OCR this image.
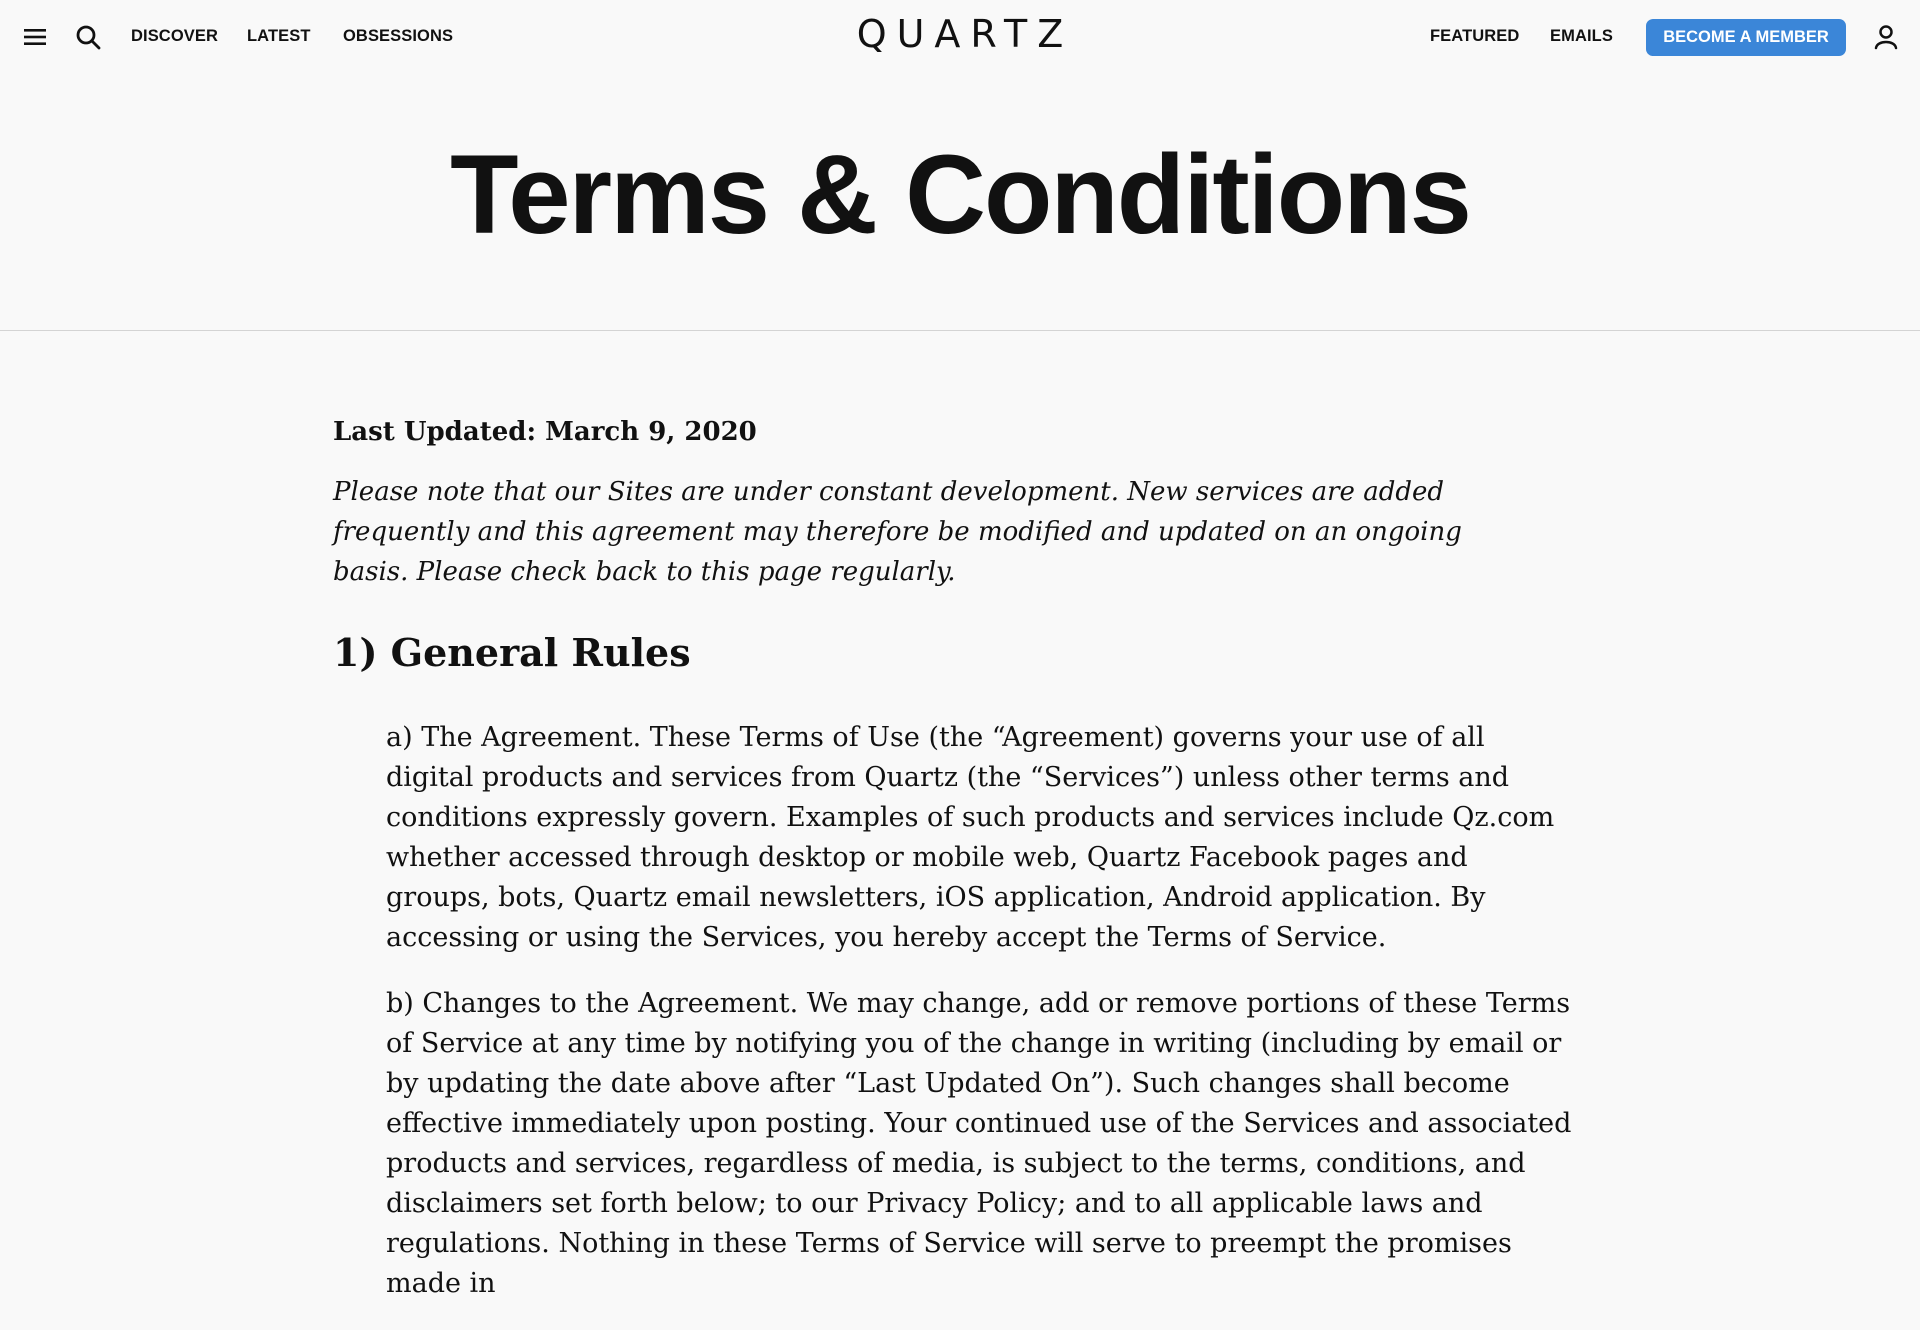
DISCOVER LATEST OBSESSIONS	QUARTZ	FEATURED EMAILS	BECOME A MEMBER
Terms & Conditions

Last Updated: March 9, 2020

Please note that our Sites are under constant development. New services are added frequently and this agreement may therefore be modified and updated on an ongoing basis. Please check back to this page regularly.

1) General Rules

a) The Agreement. These Terms of Use (the “Agreement) governs your use of all digital products and services from Quartz (the “Services”) unless other terms and conditions expressly govern. Examples of such products and services include Qz.com whether accessed through desktop or mobile web, Quartz Facebook pages and groups, bots, Quartz email newsletters, iOS application, Android application. By accessing or using the Services, you hereby accept the Terms of Service.

b) Changes to the Agreement. We may change, add or remove portions of these Terms of Service at any time by notifying you of the change in writing (including by email or by updating the date above after “Last Updated On”). Such changes shall become effective immediately upon posting. Your continued use of the Services and associated products and services, regardless of media, is subject to the terms, conditions, and disclaimers set forth below; to our Privacy Policy; and to all applicable laws and regulations. Nothing in these Terms of Service will serve to preempt the promises made in
